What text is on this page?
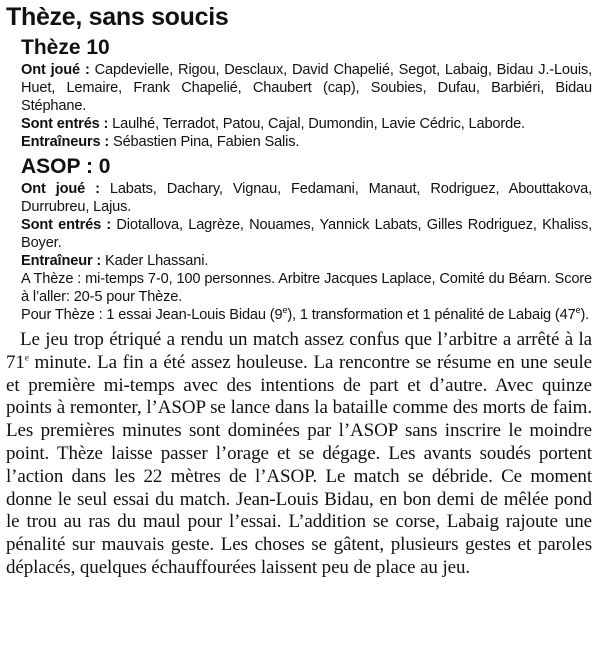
Thèze, sans soucis
Thèze 10
Ont joué : Capdevielle, Rigou, Desclaux, David Chapelié, Segot, Labaig, Bidau J.-Louis, Huet, Lemaire, Frank Chapelié, Chaubert (cap), Soubies, Dufau, Barbiéri, Bidau Stéphane.
Sont entrés : Laulhé, Terradot, Patou, Cajal, Dumondin, Lavie Cédric, Laborde.
Entraîneurs : Sébastien Pina, Fabien Salis.
ASOP : 0
Ont joué : Labats, Dachary, Vignau, Fedamani, Manaut, Rodriguez, Abouttakova, Durrubreu, Lajus.
Sont entrés : Diotallova, Lagrèze, Nouames, Yannick Labats, Gilles Rodriguez, Khaliss, Boyer.
Entraîneur : Kader Lhassani.
A Thèze : mi-temps 7-0, 100 personnes. Arbitre Jacques Laplace, Comité du Béarn. Score à l’aller: 20-5 pour Thèze.
Pour Thèze : 1 essai Jean-Louis Bidau (9e), 1 transformation et 1 pénalité de Labaig (47e).
Le jeu trop étriqué a rendu un match assez confus que l’arbitre a arrêté à la 71e minute. La fin a été assez houleuse. La rencontre se résume en une seule et première mi-temps avec des intentions de part et d’autre. Avec quinze points à remonter, l’ASOP se lance dans la bataille comme des morts de faim. Les premières minutes sont dominées par l’ASOP sans inscrire le moindre point. Thèze laisse passer l’orage et se dégage. Les avants soudés portent l’action dans les 22 mètres de l’ASOP. Le match se débride. Ce moment donne le seul essai du match. Jean-Louis Bidau, en bon demi de mêlée pond le trou au ras du maul pour l’essai. L’addition se corse, Labaig rajoute une pénalité sur mauvais geste. Les choses se gâtent, plusieurs gestes et paroles déplacés, quelques échauffourées laissent peu de place au jeu.
